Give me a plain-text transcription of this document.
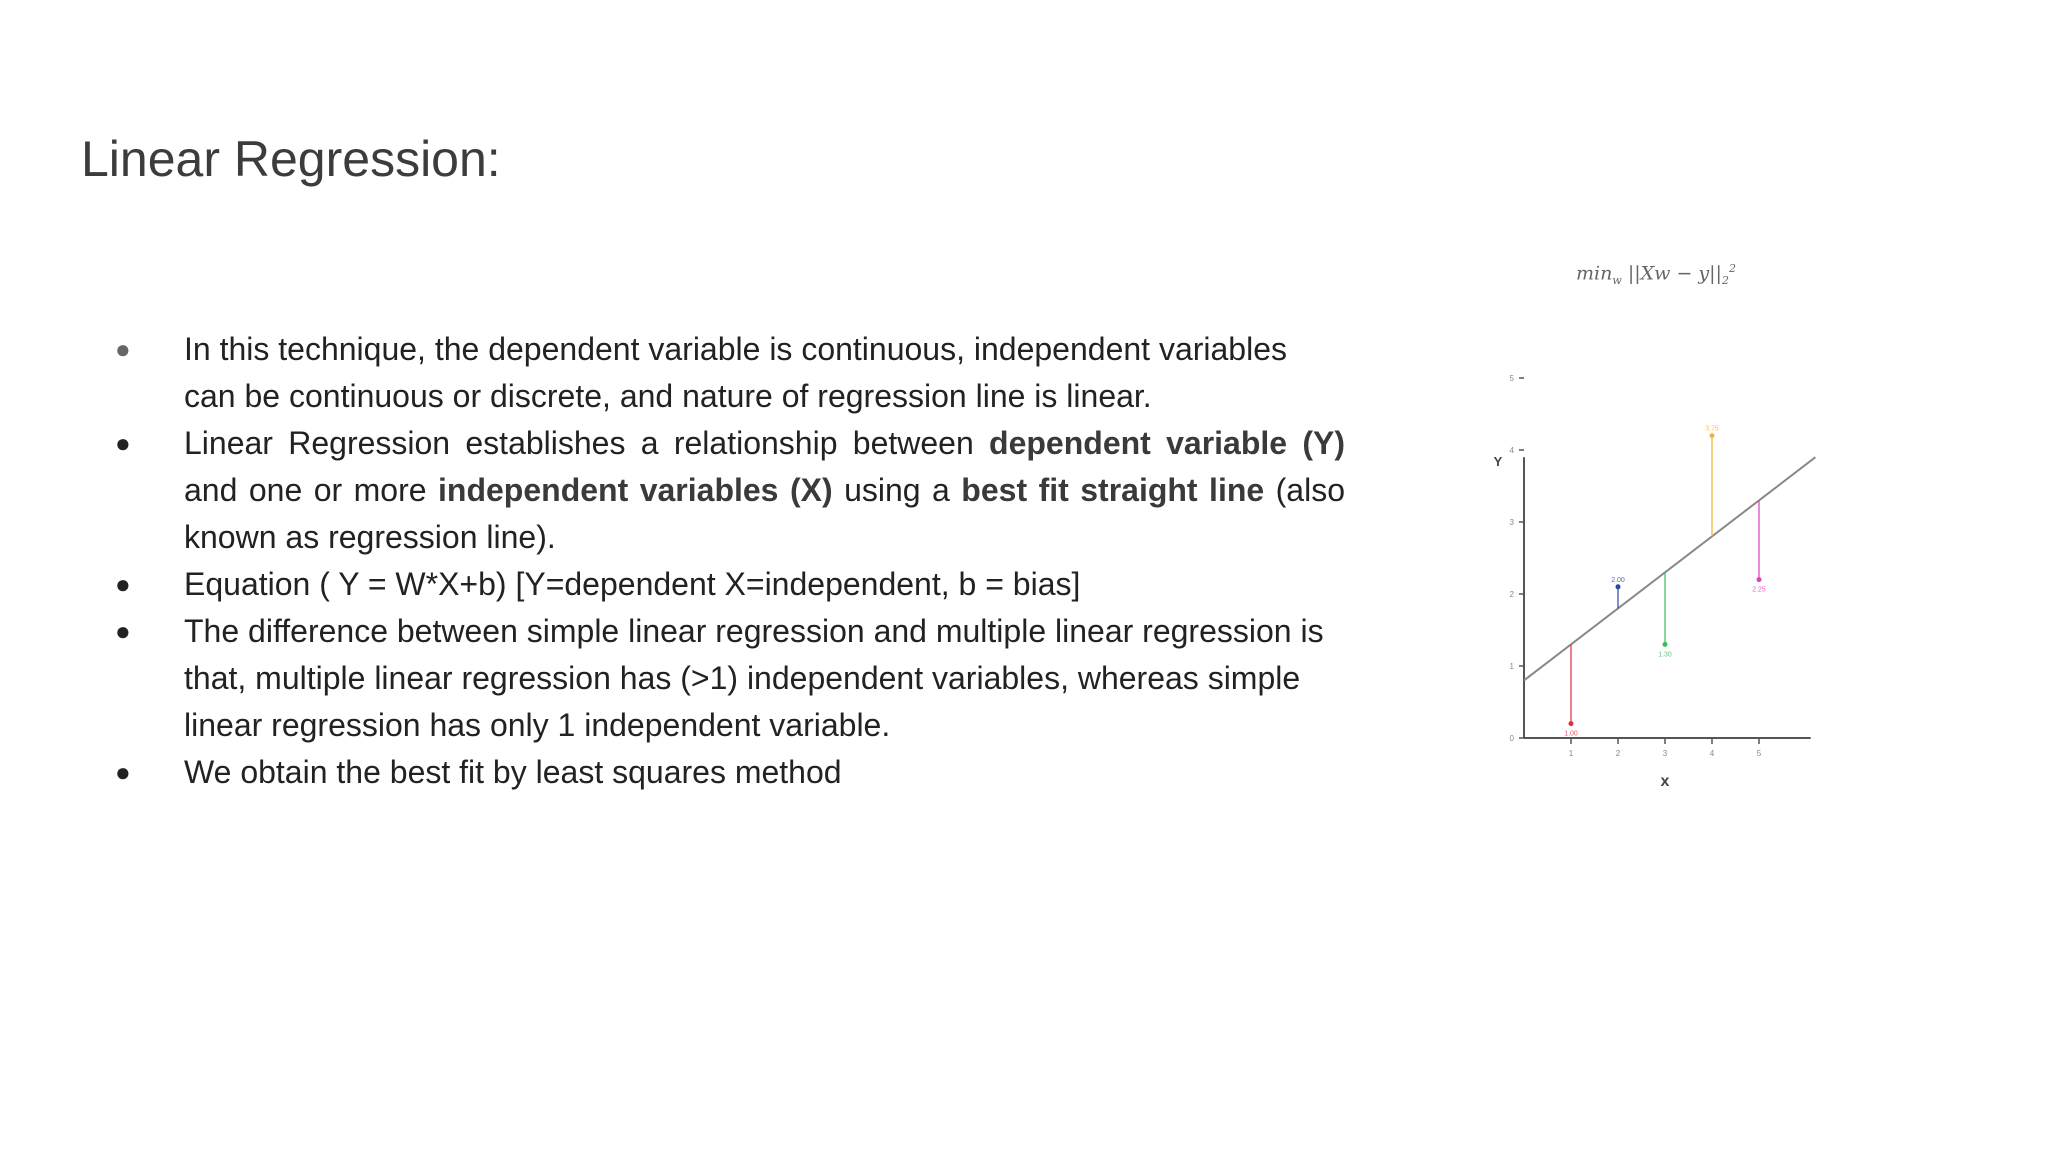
Linear Regression:
●	In this technique, the dependent variable is continuous, independent variables can be continuous or discrete, and nature of regression line is linear.
●	Linear Regression establishes a relationship between dependent variable (Y) and one or more independent variables (X) using a best fit straight line (also known as regression line).
●	Equation ( Y = W*X+b) [Y=dependent X=independent, b = bias]
●	The difference between simple linear regression and multiple linear regression is that, multiple linear regression has (>1) independent variables, whereas simple linear regression has only 1 independent variable.
●	We obtain the best fit by least squares method
$\min_w ||Xw - y||_2^2$
1	2	3	4	5
0
1
2
3
4
5
x
Y
1.00
2.00
1.30
3.75
2.25
